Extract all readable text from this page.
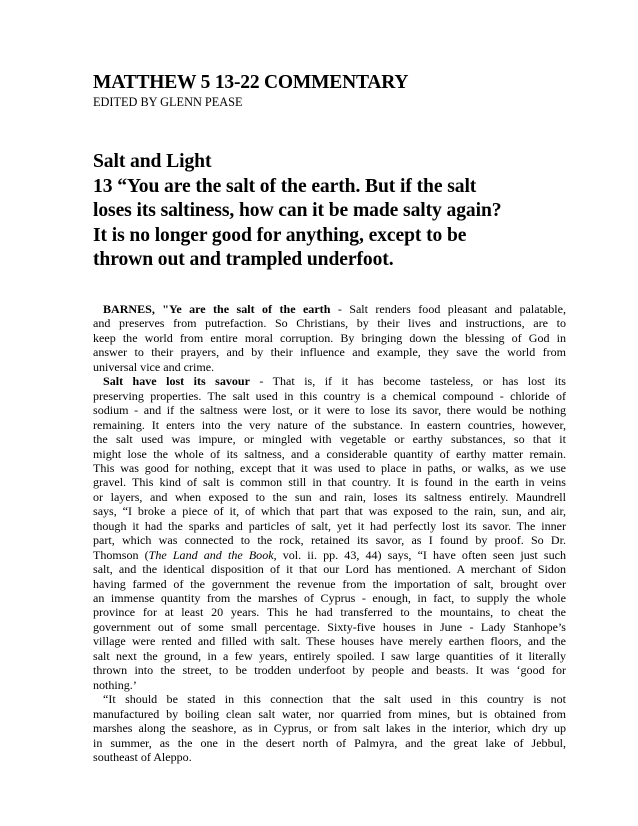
MATTHEW 5 13-22 COMMENTARY
EDITED BY GLENN PEASE
Salt and Light
13 “You are the salt of the earth. But if the salt
loses its saltiness, how can it be made salty again?
It is no longer good for anything, except to be
thrown out and trampled underfoot.

BARNES, "Ye are the salt of the earth - Salt renders food pleasant and palatable,
and preserves from putrefaction. So Christians, by their lives and instructions, are to
keep the world from entire moral corruption. By bringing down the blessing of God in
answer to their prayers, and by their influence and example, they save the world from
universal vice and crime.

Salt have lost its savour - That is, if it has become tasteless, or has lost its
preserving properties. The salt used in this country is a chemical compound - chloride of
sodium - and if the saltness were lost, or it were to lose its savor, there would be nothing
remaining. It enters into the very nature of the substance. In eastern countries, however,
the salt used was impure, or mingled with vegetable or earthy substances, so that it
might lose the whole of its saltness, and a considerable quantity of earthy matter remain.
This was good for nothing, except that it was used to place in paths, or walks, as we use
gravel. This kind of salt is common still in that country. It is found in the earth in veins
or layers, and when exposed to the sun and rain, loses its saltness entirely. Maundrell
says, “I broke a piece of it, of which that part that was exposed to the rain, sun, and air,
though it had the sparks and particles of salt, yet it had perfectly lost its savor. The inner
part, which was connected to the rock, retained its savor, as I found by proof. So Dr.
Thomson (The Land and the Book, vol. ii. pp. 43, 44) says, “I have often seen just such
salt, and the identical disposition of it that our Lord has mentioned. A merchant of Sidon
having farmed of the government the revenue from the importation of salt, brought over
an immense quantity from the marshes of Cyprus - enough, in fact, to supply the whole
province for at least 20 years. This he had transferred to the mountains, to cheat the
government out of some small percentage. Sixty-five houses in June - Lady Stanhope’s
village were rented and filled with salt. These houses have merely earthen floors, and the
salt next the ground, in a few years, entirely spoiled. I saw large quantities of it literally
thrown into the street, to be trodden underfoot by people and beasts. It was ‘good for
nothing.’

“It should be stated in this connection that the salt used in this country is not
manufactured by boiling clean salt water, nor quarried from mines, but is obtained from
marshes along the seashore, as in Cyprus, or from salt lakes in the interior, which dry up
in summer, as the one in the desert north of Palmyra, and the great lake of Jebbul,
southeast of Aleppo.
